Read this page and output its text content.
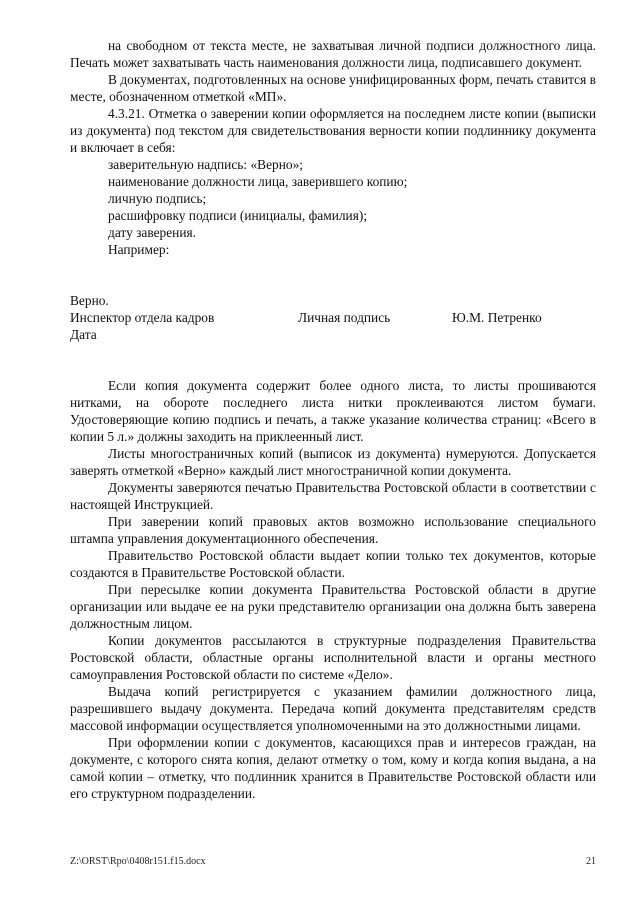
на свободном от текста месте, не захватывая личной подписи должностного лица. Печать может захватывать часть наименования должности лица, подписавшего документ.

В документах, подготовленных на основе унифицированных форм, печать ставится в месте, обозначенном отметкой «МП».

4.3.21. Отметка о заверении копии оформляется на последнем листе копии (выписки из документа) под текстом для свидетельствования верности копии подлиннику документа и включает в себя:

заверительную надпись: «Верно»;

наименование должности лица, заверившего копию;

личную подпись;

расшифровку подписи (инициалы, фамилия);

дату заверения.

Например:

Верно.

Инспектор отдела кадров	Личная подпись	Ю.М. Петренко

Дата

Если копия документа содержит более одного листа, то листы прошиваются нитками, на обороте последнего листа нитки проклеиваются листом бумаги. Удостоверяющие копию подпись и печать, а также указание количества страниц: «Всего в копии 5 л.» должны заходить на приклеенный лист.

Листы многостраничных копий (выписок из документа) нумеруются. Допускается заверять отметкой «Верно» каждый лист многостраничной копии документа.

Документы заверяются печатью Правительства Ростовской области в соответствии с настоящей Инструкцией.

При заверении копий правовых актов возможно использование специального штампа управления документационного обеспечения.

Правительство Ростовской области выдает копии только тех документов, которые создаются в Правительстве Ростовской области.

При пересылке копии документа Правительства Ростовской области в другие организации или выдаче ее на руки представителю организации она должна быть заверена должностным лицом.

Копии документов рассылаются в структурные подразделения Правительства Ростовской области, областные органы исполнительной власти и органы местного самоуправления Ростовской области по системе «Дело».

Выдача копий регистрируется с указанием фамилии должностного лица, разрешившего выдачу документа. Передача копий документа представителям средств массовой информации осуществляется уполномоченными на это должностными лицами.

При оформлении копии с документов, касающихся прав и интересов граждан, на документе, с которого снята копия, делают отметку о том, кому и когда копия выдана, а на самой копии – отметку, что подлинник хранится в Правительстве Ростовской области или его структурном подразделении.

Z:\ORST\Rpo\0408r151.f15.docx	21
